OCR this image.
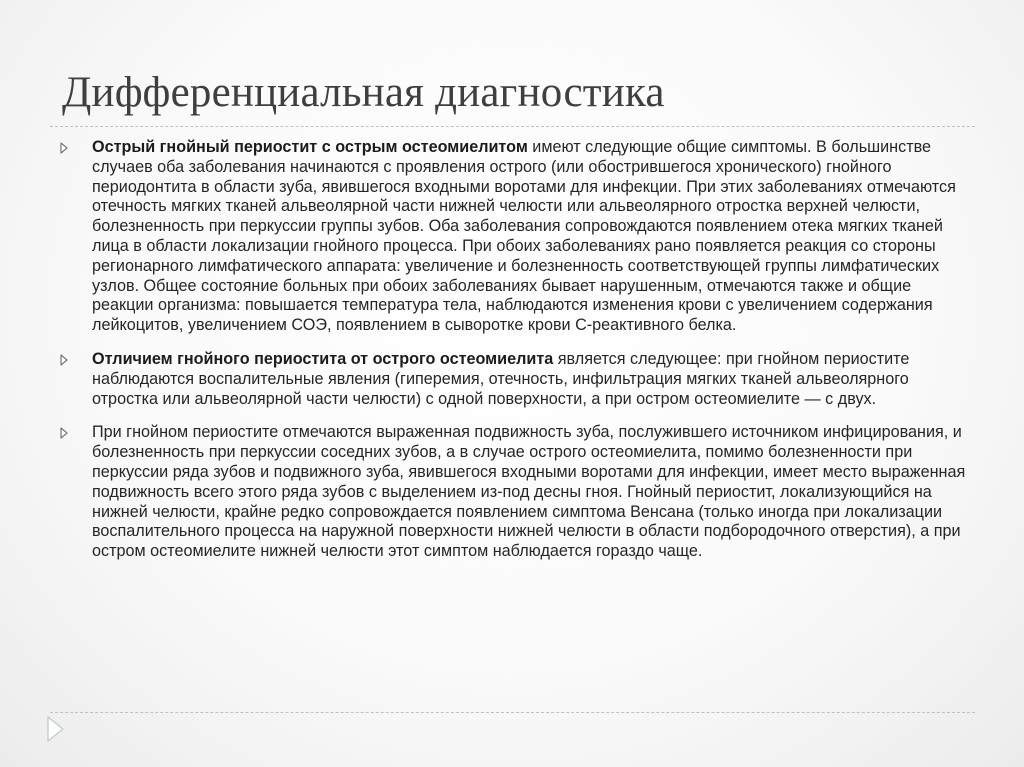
Дифференциальная диагностика
Острый гнойный периостит с острым остеомиелитом имеют следующие общие симптомы. В большинстве случаев оба заболевания начинаются с проявления острого (или обострившегося хронического) гнойного периодонтита в области зуба, явившегося входными воротами для инфекции. При этих заболеваниях отмечаются отечность мягких тканей альвеолярной части нижней челюсти или альвеолярного отростка верхней челюсти, болезненность при перкуссии группы зубов. Оба заболевания сопровождаются появлением отека мягких тканей лица в области локализации гнойного процесса. При обоих заболеваниях рано появляется реакция со стороны регионарного лимфатического аппарата: увеличение и болезненность соответствующей группы лимфатических узлов. Общее состояние больных при обоих заболеваниях бывает нарушенным, отмечаются также и общие реакции организма: повышается температура тела, наблюдаются изменения крови с увеличением содержания лейкоцитов, увеличением СОЭ, появлением в сыворотке крови С-реактивного белка.
Отличием гнойного периостита от острого остеомиелита является следующее: при гнойном периостите наблюдаются воспалительные явления (гиперемия, отечность, инфильтрация мягких тканей альвеолярного отростка или альвеолярной части челюсти) с одной поверхности, а при остром остеомиелите — с двух.
При гнойном периостите отмечаются выраженная подвижность зуба, послужившего источником инфицирования, и болезненность при перкуссии соседних зубов, а в случае острого остеомиелита, помимо болезненности при перкуссии ряда зубов и подвижного зуба, явившегося входными воротами для инфекции, имеет место выраженная подвижность всего этого ряда зубов с выделением из-под десны гноя. Гнойный периостит, локализующийся на нижней челюсти, крайне редко сопровождается появлением симптома Венсана (только иногда при локализации воспалительного процесса на наружной поверхности нижней челюсти в области подбородочного отверстия), а при остром остеомиелите нижней челюсти этот симптом наблюдается гораздо чаще.
